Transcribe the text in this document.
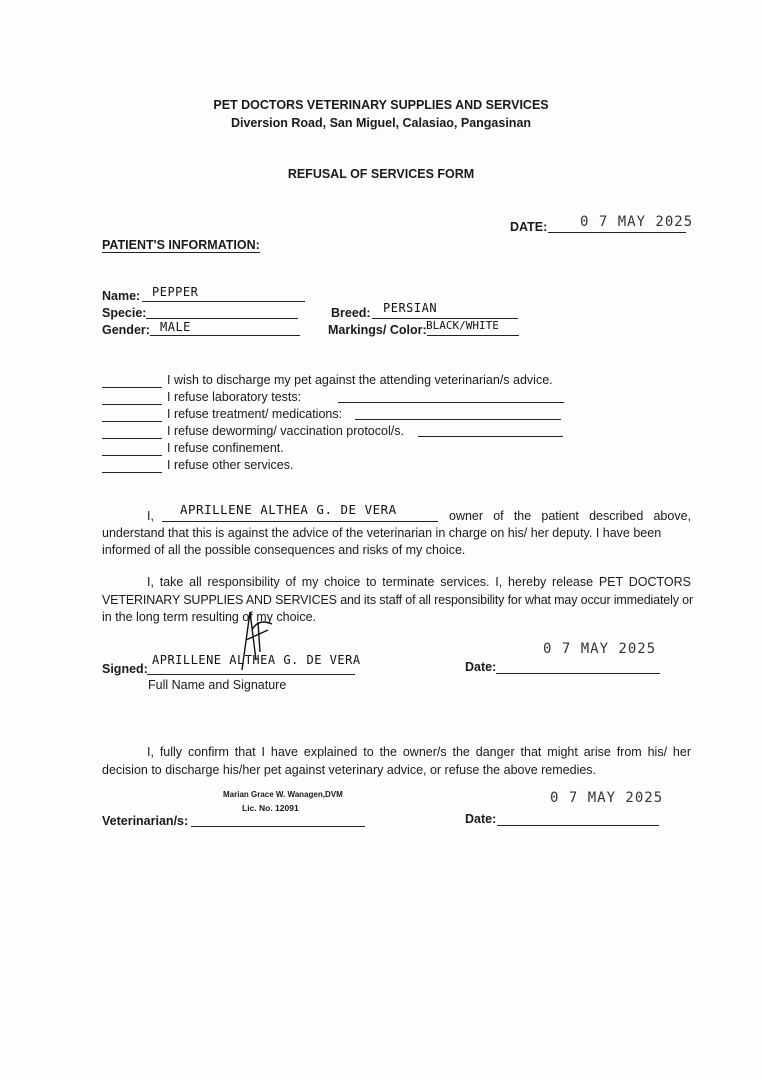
PET DOCTORS VETERINARY SUPPLIES AND SERVICES
Diversion Road, San Miguel, Calasiao, Pangasinan
REFUSAL OF SERVICES FORM
DATE: 0 7 MAY 2025
PATIENT'S INFORMATION:
Name: PEPPER
Specie:
Gender: MALE
Breed: PERSIAN
Markings/ Color: BLACK/WHITE
I wish to discharge my pet against the attending veterinarian/s advice.
I refuse laboratory tests:
I refuse treatment/ medications:
I refuse deworming/ vaccination protocol/s.
I refuse confinement.
I refuse other services.
I, APRILLENE ALTHEA G. DE VERA	owner of the patient described above,
understand that this is against the advice of the veterinarian in charge on his/ her deputy. I have been
informed of all the possible consequences and risks of my choice.
I, take all responsibility of my choice to terminate services. I, hereby release PET DOCTORS
VETERINARY SUPPLIES AND SERVICES and its staff of all responsibility for what may occur immediately or
in the long term resulting of my choice.
Signed:
APRILLENE ALTHEA G. DE VERA
Full Name and Signature
Date:
0 7 MAY 2025
I, fully confirm that I have explained to the owner/s the danger that might arise from his/ her
decision to discharge his/her pet against veterinary advice, or refuse the above remedies.
Marian Grace W. Wanagen,DVM
Lic. No. 12091
Veterinarian/s:	Date:
0 7 MAY 2025
